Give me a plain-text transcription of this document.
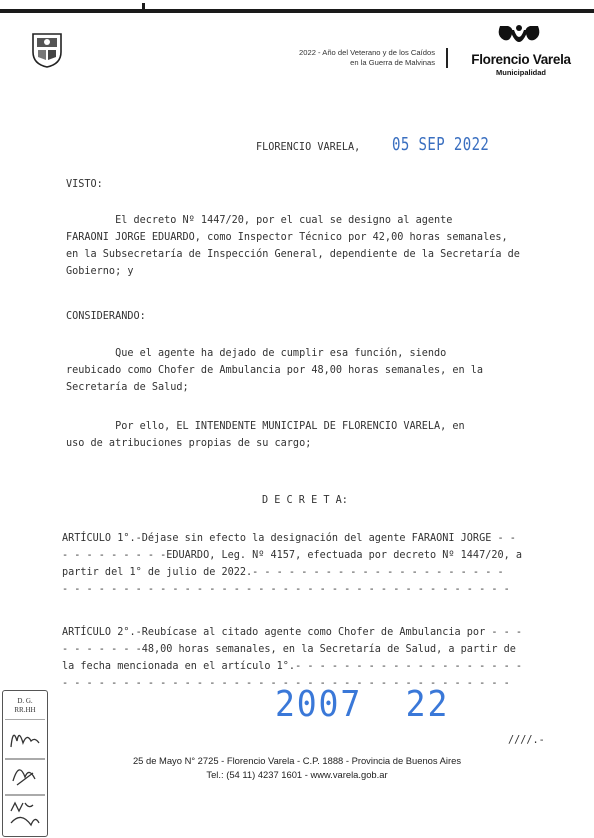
2022 - Año del Veterano y de los Caídos
en la Guerra de Malvinas	Florencio Varela
Municipalidad
FLORENCIO VARELA, 05 SEP 2022
VISTO:
El decreto Nº 1447/20, por el cual se designo al agente
FARAONI JORGE EDUARDO, como Inspector Técnico por 42,00 horas semanales,
en la Subsecretaría de Inspección General, dependiente de la Secretaría de
Gobierno; y
CONSIDERANDO:
Que el agente ha dejado de cumplir esa función, siendo
reubicado como Chofer de Ambulancia por 48,00 horas semanales, en la
Secretaría de Salud;
Por ello, EL INTENDENTE MUNICIPAL DE FLORENCIO VARELA, en
uso de atribuciones propias de su cargo;
D E C R E T A:
ARTÍCULO 1°.-Déjase sin efecto la designación del agente FARAONI JORGE - -
- - - - - - - - -EDUARDO, Leg. Nº 4157, efectuada por decreto Nº 1447/20, a
partir del 1° de julio de 2022.- - - - - - - - - - - - - - - - - - - - -
- - - - - - - - - - - - - - - - - - - - - - - - - - - - - - - - - - - - -
ARTÍCULO 2°.-Reubícase al citado agente como Chofer de Ambulancia por - - -
- - - - - - -48,00 horas semanales, en la Secretaría de Salud, a partir de
la fecha mencionada en el artículo 1°.- - - - - - - - - - - - - - - - - - -
- - - - - - - - - - - - - - - - - - - - - - - - - - - - - - - - - - - - -
2007  22
////.-
25 de Mayo N° 2725 - Florencio Varela - C.P. 1888 - Provincia de Buenos Aires
Tel.: (54 11) 4237 1601 - www.varela.gob.ar
D. G.
RR.HH
